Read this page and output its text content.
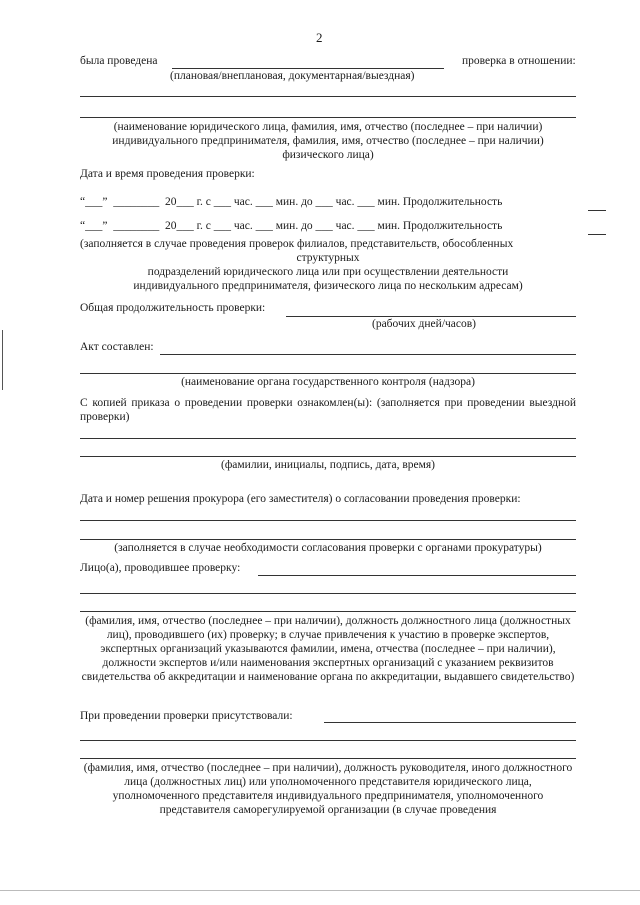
2
была проведена	проверка в отношении:
(плановая/внеплановая, документарная/выездная)
(наименование юридического лица, фамилия, имя, отчество (последнее – при наличии)
индивидуального предпринимателя, фамилия, имя, отчество (последнее – при наличии)
физического лица)
Дата и время проведения проверки:
“___” ________ 20___ г. с ___ час. ___ мин. до ___ час. ___ мин. Продолжительность
“___” ________ 20___ г. с ___ час. ___ мин. до ___ час. ___ мин. Продолжительность
(заполняется в случае проведения проверок филиалов, представительств, обособленных
структурных
подразделений юридического лица или при осуществлении деятельности
индивидуального предпринимателя, физического лица по нескольким адресам)
Общая продолжительность проверки:
(рабочих дней/часов)
Акт составлен:
(наименование органа государственного контроля (надзора)
С копией приказа о проведении проверки ознакомлен(ы): (заполняется при проведении выездной проверки)
(фамилии, инициалы, подпись, дата, время)
Дата и номер решения прокурора (его заместителя) о согласовании проведения проверки:
(заполняется в случае необходимости согласования проверки с органами прокуратуры)
Лицо(а), проводившее проверку:
(фамилия, имя, отчество (последнее – при наличии), должность должностного лица (должностных лиц), проводившего (их) проверку; в случае привлечения к участию в проверке экспертов, экспертных организаций указываются фамилии, имена, отчества (последнее – при наличии), должности экспертов и/или наименования экспертных организаций с указанием реквизитов свидетельства об аккредитации и наименование органа по аккредитации, выдавшего свидетельство)
При проведении проверки присутствовали:
(фамилия, имя, отчество (последнее – при наличии), должность руководителя, иного должностного лица (должностных лиц) или уполномоченного представителя юридического лица, уполномоченного представителя индивидуального предпринимателя, уполномоченного представителя саморегулируемой организации (в случае проведения
